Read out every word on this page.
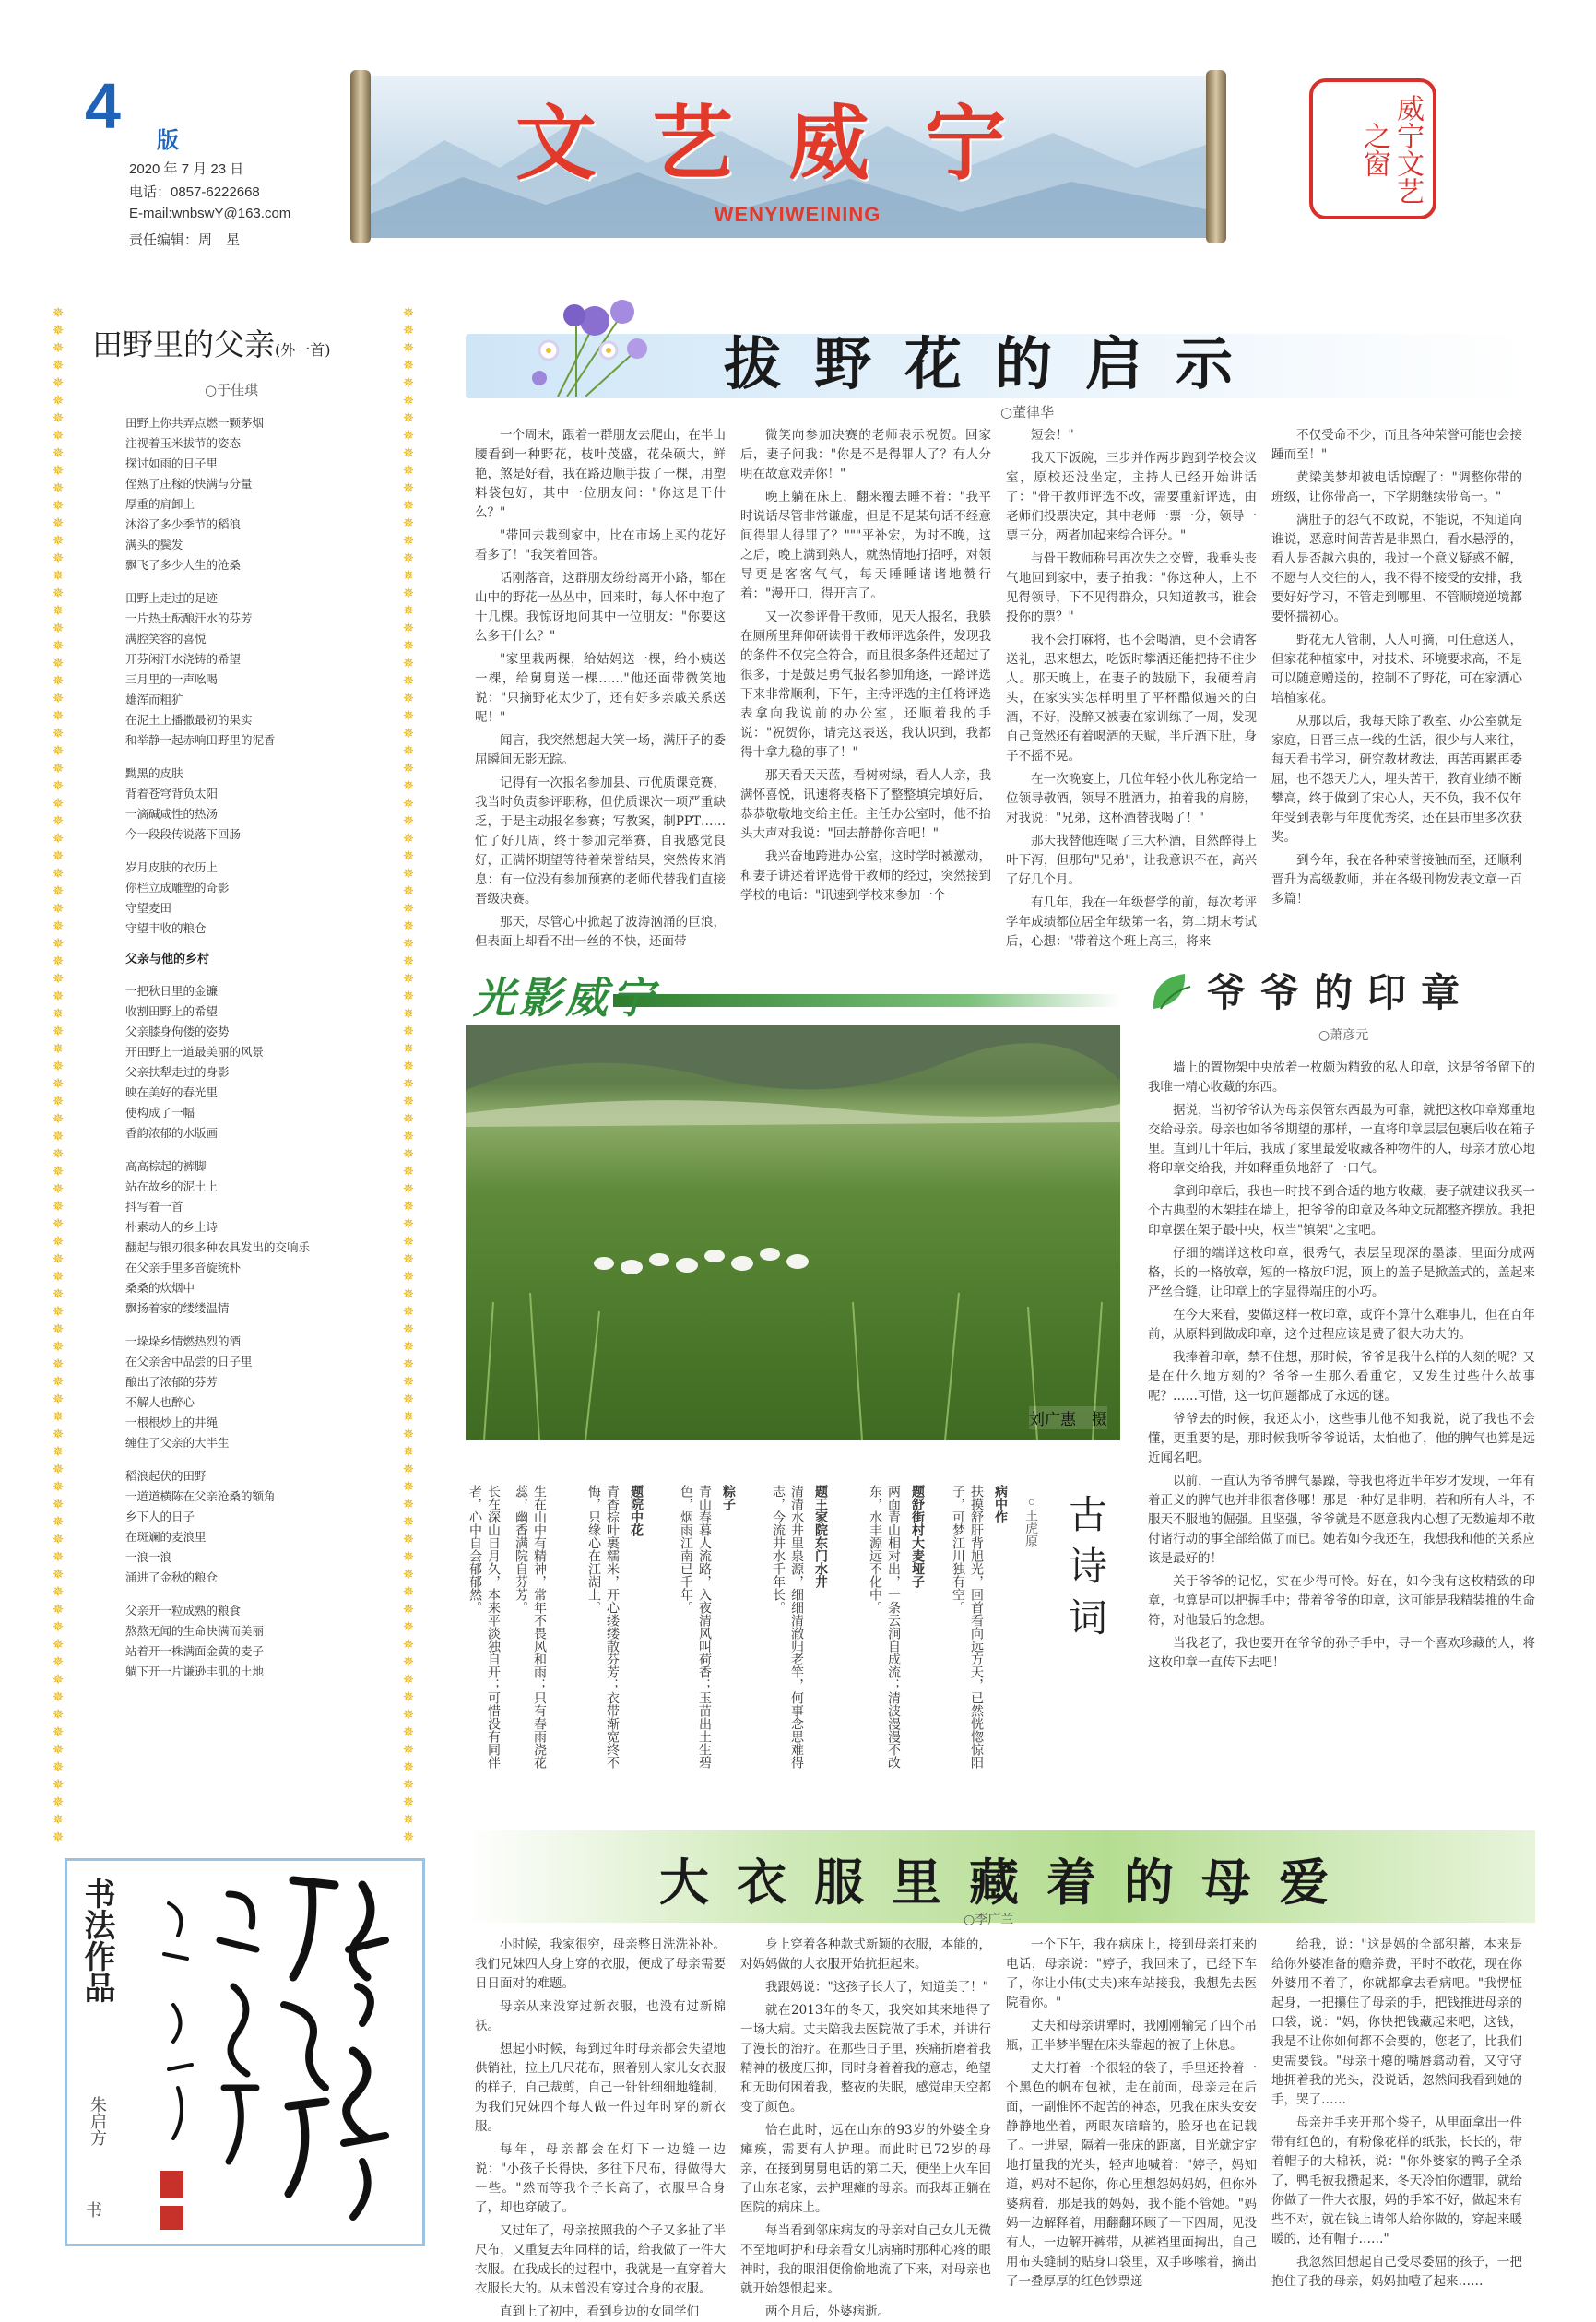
4 版
2020 年 7 月 23 日
电话：0857-6222668
E-mail:wnbswY@163.com
责任编辑：周　星
文艺威宁
WENYIWEINING
威宁文艺之窗
田野里的父亲(外一首)
○于佳琪
田野上你共弄点燃一颗茅烟
注视着玉米拔节的姿态
探讨如雨的日子里
侄熟了庄稼的快满与分量
厚重的肩卸上
沐浴了多少季节的稻浪
满头的鬓发
飘飞了多少人生的沧桑
田野上走过的足迹
一片热土酝酿汗水的芬芳
满腔笑容的喜悦
开芬闲汗水浇铸的希望
三月里的一声吆喝
雄浑而粗犷
在泥土上播撒最初的果实
和举静一起赤响田野里的泥香
黝黑的皮肤
背着苍穹背负太阳
一滴碱咸性的热汤
今一段段传说落下回肠
岁月皮肤的衣历上
你栏立成雕塑的奇影
守望麦田
守望丰收的粮仓
父亲与他的乡村
一把秋日里的金镰
收割田野上的希望
父亲膝身佝偻的姿势
开田野上一道最美丽的风景
父亲扶犁走过的身影
映在美好的春光里
使构成了一幅
香韵浓郁的水版画
高高棕起的裤脚
站在故乡的泥土上
抖写着一首
朴素动人的乡土诗
翻起与银刃很多种农具发出的交响乐
在父亲手里多音旋统朴
桑桑的炊烟中
飘扬着家的缕缕温情
一垛垛乡情燃热烈的酒
在父亲舍中品尝的日子里
酿出了浓郁的芬芳
不解人也醉心
一根根炒上的井绳
缠住了父亲的大半生
稻浪起伏的田野
一道道横陈在父亲沧桑的额角
乡下人的日子
在斑斓的麦浪里
一浪一浪
涌进了金秋的粮仓
父亲开一粒成熟的粮食
熬熬无闻的生命快满而美丽
站着开一株满面金黄的麦子
躺下开一片谦逊丰肌的土地
✵
✵
✵
✵
✵
✵
✵
✵
✵
✵
✵
✵
✵
✵
✵
✵
✵
✵
✵
✵
✵
✵
✵
✵
✵
✵
✵
✵
✵
✵
✵
✵
✵
✵
✵
✵
✵
✵
✵
✵
✵
✵
✵
✵
✵
✵
✵
✵
✵
✵
✵
✵
✵
✵
✵
✵
✵
✵
✵
✵
✵
✵
✵
✵
✵
✵
✵
✵
✵
✵
✵
✵
✵
✵
✵
✵
✵
✵
✵
✵
✵
✵
✵
✵
✵
✵
✵
✵
✵
✵
✵
✵
✵
✵
✵
✵
✵
✵
✵
✵
✵
✵
✵
✵
✵
✵
✵
✵
✵
✵
✵
✵
✵
✵
✵
✵
✵
✵
✵
✵
✵
✵
✵
✵
✵
✵
✵
✵
✵
✵
✵
✵
✵
✵
✵
✵
✵
✵
✵
✵
✵
✵
✵
✵
✵
✵
✵
✵
✵
✵
✵
✵
✵
✵
✵
✵
✵
✵
✵
✵
✵
✵
✵
✵
✵
✵
✵
✵
✵
✵
✵
✵
✵
✵
✵
✵
书法作品
朱启方
书
拔野花的启示
○董律华

一个周末，跟着一群朋友去爬山，在半山腰看到一种野花，枝叶茂盛，花朵硕大，鲜艳，煞是好看，我在路边顺手拔了一棵，用塑料袋包好，其中一位朋友问："你这是干什么？"

"带回去栽到家中，比在市场上买的花好看多了！"我笑着回答。

话刚落音，这群朋友纷纷离开小路，都在山中的野花一丛丛中，回来时，每人怀中抱了十几棵。我惊讶地问其中一位朋友："你要这么多干什么？"

"家里栽两棵，给姑妈送一棵，给小姨送一棵，给舅舅送一棵……"他还面带微笑地说："只摘野花太少了，还有好多亲戚关系送呢！"

闻言，我突然想起大笑一场，满肝子的委屈瞬间无影无踪。

记得有一次报名参加县、市优质课竞赛，我当时负责参评职称，但优质课次一项严重缺乏，于是主动报名参赛；写教案，制PPT……忙了好几周，终于参加完举赛，自我感觉良好，正满怀期望等待着荣誉结果，突然传来消息：有一位没有参加预赛的老师代替我们直接晋级决赛。

那天，尽管心中掀起了波涛汹涌的巨浪，但表面上却看不出一丝的不快，还面带

微笑向参加决赛的老师表示祝贺。回家后，妻子问我："你是不是得罪人了？有人分明在故意戏弄你！"

晚上躺在床上，翻来覆去睡不着："我平时说话尽管非常谦虚，但是不是某句话不经意间得罪人得罪了？"""平补宏，为时不晚，这之后，晚上满到熟人，就热情地打招呼，对领导更是客客气气，每天睡睡诸诸地赞行着："漫开口，得开言了。

又一次参评骨干教师，见天人报名，我躲在厕所里拜仰研读骨干教师评选条件，发现我的条件不仅完全符合，而且很多条件还超过了很多，于是鼓足勇气报名参加角逐，一路评选下来非常顺利，下午，主持评选的主任将评选表拿向我说前的办公室，还顺着我的手说："祝贺你，请完这表送，我认识到，我都得十拿九稳的事了！"

那天看天天蓝，看树树绿，看人人亲，我满怀喜悦，讯速将表格下了整整填完填好后，恭恭敬敬地交给主任。主任办公室时，他不抬头大声对我说："回去静静你音吧！"

我兴奋地跨进办公室，这时学时被激动，和妻子讲述着评选骨干教师的经过，突然接到学校的电话："讯速到学校来参加一个

短会！"

我天下饭碗，三步并作两步跑到学校会议室，原校还没坐定，主持人已经开始讲话了："骨干教师评选不改，需要重新评选，由老师们投票决定，其中老师一票一分，领导一票三分，两者加起来综合评分。"

与骨干教师称号再次失之交臂，我垂头丧气地回到家中，妻子拍我："你这种人，上不见得领导，下不见得群众，只知道教书，谁会投你的票？"

我不会打麻将，也不会喝酒，更不会请客送礼，思来想去，吃饭时攀洒还能把持不住少人。那天晚上，在妻子的鼓励下，我硬着肩头，在家实实怎样明里了平杯酷似遍来的白酒，不好，没醉又被妻在家训练了一周，发现自己竟然还有着喝酒的天赋，半斤酒下肚，身子不摇不晃。

在一次晚宴上，几位年轻小伙儿称宠给一位领导敬酒，领导不胜酒力，拍着我的肩膀，对我说："兄弟，这杯酒替我喝了！"

那天我替他连喝了三大杯酒，自然醉得上叶下泻，但那句"兄弟"，让我意识不在，高兴了好几个月。

有几年，我在一年级督学的前，每次考评学年成绩都位居全年级第一名，第二期末考试后，心想："带着这个班上高三，将来

不仅受命不少，而且各种荣誉可能也会接踵而至！"

黄梁美梦却被电话惊醒了："调整你带的班级，让你带高一，下学期继续带高一。"

满肚子的怨气不敢说，不能说，不知道向谁说，恶意时间苦苦是非黑白，看水悬浮的，看人是否越六典的，我过一个意义疑惑不解，不愿与人交往的人，我不得不接受的安排，我要好好学习，不管走到哪里、不管顺境逆境都要怀揣初心。

野花无人管制，人人可摘，可任意送人，但家花种植家中，对技术、环境要求高，不是可以随意赠送的，控制不了野花，可在家洒心培植家花。

从那以后，我每天除了教室、办公室就是家庭，日晋三点一线的生活，很少与人来往，每天看书学习，研究教材教法，再苦再累再委屈，也不怨天尤人，埋头苦干，教育业绩不断攀高，终于做到了宋心人，天不负，我不仅年年受到表彰与年度优秀奖，还在县市里多次获奖。

到今年，我在各种荣誉接触而至，还顺利晋升为高级教师，并在各级刊物发表文章一百多篇！

光影威宁
刘广惠　摄
古诗词
○王虎原
病中作
扶摸舒肝背旭光，回首看向远方天，已然恍惚惊阳子，可梦江川独有空。
题舒街村大麦垭子
两面青山相对出，一条云涧自成流；清波漫漫不改东，水丰源远不化中。
题王家院东门水井
清清水井里泉源，细细清澈归老竿，何事念思难得志，今流井水千年长。
粽子
青山春暮人流路，入夜清风叫荷香；玉苗出土生碧色，烟雨江南已千年。
题院中花
青香棕叶裹糯米，开心缕缕散芬芳；衣带渐宽终不悔，只缘心在江湖上。
生在山中有精神，常年不畏风和雨；只有春雨浇花蕊，幽香满院自芬芳。
长在深山日月久，本来平淡独自开；可惜没有同伴者，心中自会郁郁然。
爷爷的印章
○萧彦元

墙上的置物架中央放着一枚颇为精致的私人印章，这是爷爷留下的我唯一精心收藏的东西。

据说，当初爷爷认为母亲保管东西最为可靠，就把这枚印章郑重地交给母亲。母亲也如爷爷期望的那样，一直将印章层层包裹后收在箱子里。直到几十年后，我成了家里最爱收藏各种物件的人，母亲才放心地将印章交给我，并如释重负地舒了一口气。

拿到印章后，我也一时找不到合适的地方收藏，妻子就建议我买一个古典型的木架挂在墙上，把爷爷的印章及各种文玩都整齐摆放。我把印章摆在架子最中央，权当"镇架"之宝吧。

仔细的端详这枚印章，很秀气，表层呈现深的墨漆，里面分成两格，长的一格放章，短的一格放印泥，顶上的盖子是掀盖式的，盖起来严丝合缝，让印章上的字显得端庄的小巧。

在今天来看，要做这样一枚印章，或许不算什么难事儿，但在百年前，从原料到做成印章，这个过程应该是费了很大功夫的。

我捧着印章，禁不住想，那时候，爷爷是我什么样的人刻的呢？又是在什么地方刻的？爷爷一生那么看重它，又发生过些什么故事呢？……可惜，这一切问题都成了永远的谜。

爷爷去的时候，我还太小，这些事儿他不知我说，说了我也不会懂，更重要的是，那时候我听爷爷说话，太怕他了，他的脾气也算是远近闻名吧。

以前，一直认为爷爷脾气暴躁，等我也将近半年岁才发现，一年有着正义的脾气也并非很奢侈哪！那是一种好是非明，若和所有人斗，不服天不服地的倔强。且坚强，爷爷就是不愿意我内心想了无数遍却不敢付诸行动的事全部给做了而已。她若如今我还在，我想我和他的关系应该是最好的！

关于爷爷的记忆，实在少得可怜。好在，如今我有这枚精致的印章，也算是可以把握手中；带着爷爷的印章，这可能是我精装推的生命符，对他最后的念想。

当我老了，我也要开在爷爷的孙子手中，寻一个喜欢珍藏的人，将这枚印章一直传下去吧！

大衣服里藏着的母爱
○李广兰

小时候，我家很穷，母亲整日洗洗补补。我们兄妹四人身上穿的衣服，便成了母亲需要日日面对的难题。

母亲从来没穿过新衣服，也没有过新棉袄。

想起小时候，每到过年时母亲都会失望地供销社，拉上几尺花布，照着别人家儿女衣服的样子，自己裁剪，自己一针针细细地缝制，为我们兄妹四个每人做一件过年时穿的新衣服。

每年，母亲都会在灯下一边缝一边说："小孩子长得快，多往下尺布，得做得大一些。"然而等我个子长高了，衣服早合身了，却也穿破了。

又过年了，母亲按照我的个子又多扯了半尺布，又重复去年同样的话，给我做了一件大衣服。在我成长的过程中，我就是一直穿着大衣服长大的。从未曾没有穿过合身的衣服。

直到上了初中，看到身边的女同学们

身上穿着各种款式新颖的衣服，本能的，对妈妈做的大衣服开始抗拒起来。

我跟妈说："这孩子长大了，知道美了！"

就在2013年的冬天，我突如其来地得了一场大病。丈夫陪我去医院做了手术，并讲行了漫长的治疗。在那些日子里，疾痛折磨着我精神的极度压抑，同时身着着我的意志，绝望和无助何困着我，整夜的失眠，感觉串天空都变了颜色。

恰在此时，远在山东的93岁的外婆全身瘫痪，需要有人护理。而此时已72岁的母亲，在接到舅舅电话的第二天，便坐上火车回了山东老家，去护理瘫的母亲。而我却正躺在医院的病床上。

每当看到邻床病友的母亲对自己女儿无微不至地呵护和母亲看女儿病痛时那种心疼的眼神时，我的眼泪便偷偷地流了下来，对母亲也就开始怨恨起来。

两个月后，外婆病逝。

一个下午，我在病床上，接到母亲打来的电话，母亲说："婷子，我回来了，已经下车了，你让小伟(丈夫)来车站接我，我想先去医院看你。"

丈夫和母亲讲犟时，我刚刚输完了四个吊瓶，正半梦半醒在床头靠起的被子上休息。

丈夫打着一个很轻的袋子，手里还拎着一个黑色的帆布包袱，走在前面，母亲走在后面，一副惟怀不起苦的神态，见我在床头安安静静地坐着，两眼灰暗暗的，脸牙也在记载了。一进屋，隔着一张床的距离，目光就定定地打量我的光头，轻声地喊着："婷子，妈知道，妈对不起你，你心里想怨妈妈妈，但你外婆病着，那是我的妈妈，我不能不管她。"妈妈一边解释着，用翻翻环顾了一下四周，见没有人，一边解开裤带，从裤裆里面掏出，自己用布头缝制的贴身口袋里，双手哆嗦着，摘出了一叠厚厚的红色钞票递

给我，说："这是妈的全部积蓄，本来是给你外婆准备的赡养费，平时不敢花，现在你外婆用不着了，你就都拿去看病吧。"我愣怔起身，一把攥住了母亲的手，把钱推进母亲的口袋，说："妈，你快把钱藏起来吧，这钱，我是不让你如何都不会要的，您老了，比我们更需要钱。"母亲干瘪的嘴唇翕动着，又守守地拥着我的光头，没说话，忽然间我看到她的手，哭了……

母亲并手夹开那个袋子，从里面拿出一件带有红色的，有粉像花样的纸张，长长的，带着帽子的大棉袄，说："你外婆家的鸭子全杀了，鸭毛被我攒起来，冬天冷怕你遭罪，就给你做了一件大衣服，妈的手笨不好，做起来有些不对，就在钱上请邻人给你做的，穿起来暖暖的，还有帽子……"

我忽然回想起自己受尽委屈的孩子，一把抱住了我的母亲，妈妈抽噎了起来……
